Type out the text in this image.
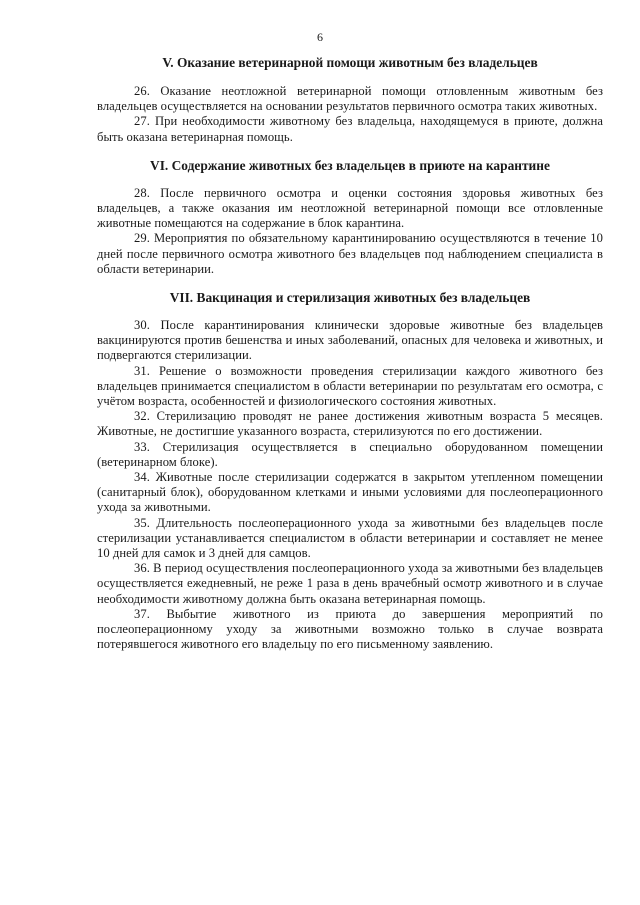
6
V. Оказание ветеринарной помощи животным без владельцев

26. Оказание неотложной ветеринарной помощи отловленным животным без владельцев осуществляется на основании результатов первичного осмотра таких животных.

27. При необходимости животному без владельца, находящемуся в приюте, должна быть оказана ветеринарная помощь.

VI. Содержание животных без владельцев в приюте на карантине

28. После первичного осмотра и оценки состояния здоровья животных без владельцев, а также оказания им неотложной ветеринарной помощи все отловленные животные помещаются на содержание в блок карантина.

29. Мероприятия по обязательному карантинированию осуществляются в течение 10 дней после первичного осмотра животного без владельцев под наблюдением специалиста в области ветеринарии.

VII. Вакцинация и стерилизация животных без владельцев

30. После карантинирования клинически здоровые животные без владельцев вакцинируются против бешенства и иных заболеваний, опасных для человека и животных, и подвергаются стерилизации.

31. Решение о возможности проведения стерилизации каждого животного без владельцев принимается специалистом в области ветеринарии по результатам его осмотра, с учётом возраста, особенностей и физиологического состояния животных.

32. Стерилизацию проводят не ранее достижения животным возраста 5 месяцев. Животные, не достигшие указанного возраста, стерилизуются по его достижении.

33. Стерилизация осуществляется в специально оборудованном помещении (ветеринарном блоке).

34. Животные после стерилизации содержатся в закрытом утепленном помещении (санитарный блок), оборудованном клетками и иными условиями для послеоперационного ухода за животными.

35. Длительность послеоперационного ухода за животными без владельцев после стерилизации устанавливается специалистом в области ветеринарии и составляет не менее 10 дней для самок и 3 дней для самцов.

36. В период осуществления послеоперационного ухода за животными без владельцев осуществляется ежедневный, не реже 1 раза в день врачебный осмотр животного и в случае необходимости животному должна быть оказана ветеринарная помощь.

37. Выбытие животного из приюта до завершения мероприятий по послеоперационному уходу за животными возможно только в случае возврата потерявшегося животного его владельцу по его письменному заявлению.
